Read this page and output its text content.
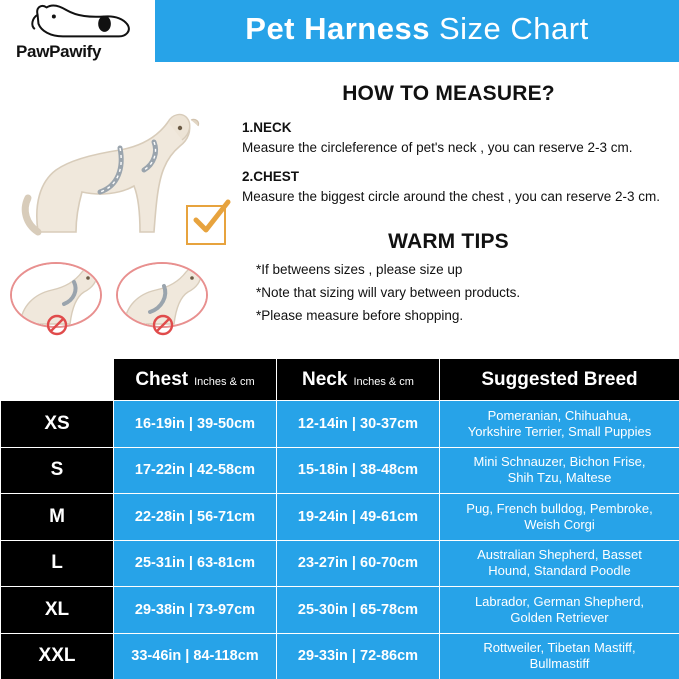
PawPawify
Pet Harness Size Chart
HOW TO MEASURE?
1.NECK
Measure the circleference of pet's neck , you can reserve 2-3 cm.
2.CHEST
Measure the biggest circle around the chest , you can reserve 2-3 cm.
WARM TIPS
*If betweens sizes , please size up
*Note that sizing will vary between products.
*Please measure before shopping.
	Chest Inches & cm	Neck Inches & cm	Suggested Breed
XS	16-19in | 39-50cm	12-14in | 30-37cm	Pomeranian, Chihuahua,
Yorkshire Terrier, Small Puppies
S	17-22in | 42-58cm	15-18in | 38-48cm	Mini Schnauzer, Bichon Frise,
Shih Tzu, Maltese
M	22-28in | 56-71cm	19-24in | 49-61cm	Pug, French bulldog, Pembroke,
Weish Corgi
L	25-31in | 63-81cm	23-27in | 60-70cm	Australian Shepherd, Basset
Hound, Standard Poodle
XL	29-38in | 73-97cm	25-30in | 65-78cm	Labrador, German Shepherd,
Golden Retriever
XXL	33-46in | 84-118cm	29-33in | 72-86cm	Rottweiler, Tibetan Mastiff,
Bullmastiff
